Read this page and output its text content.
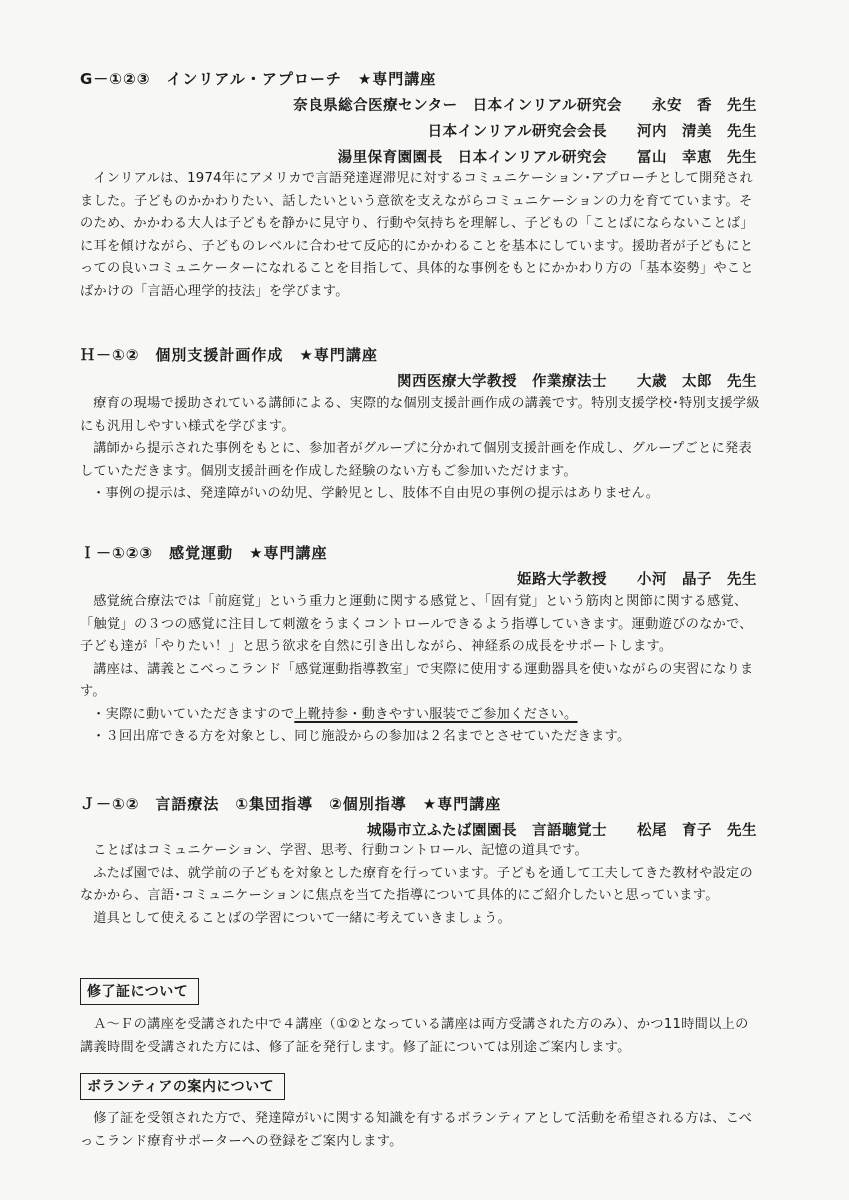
G－①②③　インリアル・アプローチ　★専門講座
奈良県総合医療センター　日本インリアル研究会　　永安　香　先生
日本インリアル研究会会長　　河内　清美　先生
湯里保育園園長　日本インリアル研究会　　冨山　幸恵　先生

インリアルは、1974年にアメリカで言語発達遅滞児に対するコミュニケーション･アプローチとして開発されました。子どものかかわりたい、話したいという意欲を支えながらコミュニケーションの力を育てています。そのため、かかわる大人は子どもを静かに見守り、行動や気持ちを理解し、子どもの「ことばにならないことば」に耳を傾けながら、子どものレベルに合わせて反応的にかかわることを基本にしています。援助者が子どもにとっての良いコミュニケーターになれることを目指して、具体的な事例をもとにかかわり方の「基本姿勢」やことばかけの「言語心理学的技法」を学びます。

Ｈ－①②　個別支援計画作成　★専門講座
関西医療大学教授　作業療法士　　大歳　太郎　先生

療育の現場で援助されている講師による、実際的な個別支援計画作成の講義です。特別支援学校･特別支援学級にも汎用しやすい様式を学びます。

講師から提示された事例をもとに、参加者がグループに分かれて個別支援計画を作成し、グループごとに発表していただきます。個別支援計画を作成した経験のない方もご参加いただけます。

・事例の提示は、発達障がいの幼児、学齢児とし、肢体不自由児の事例の提示はありません。

Ｉ－①②③　感覚運動　★専門講座
姫路大学教授　　小河　晶子　先生

感覚統合療法では「前庭覚」という重力と運動に関する感覚と、「固有覚」という筋肉と関節に関する感覚、「触覚」の３つの感覚に注目して刺激をうまくコントロールできるよう指導していきます。運動遊びのなかで、子ども達が「やりたい！」と思う欲求を自然に引き出しながら、神経系の成長をサポートします。

講座は、講義とこべっこランド「感覚運動指導教室」で実際に使用する運動器具を使いながらの実習になります。

・実際に動いていただきますので上靴持参・動きやすい服装でご参加ください。

・３回出席できる方を対象とし、同じ施設からの参加は２名までとさせていただきます。

Ｊ－①②　言語療法　①集団指導　②個別指導　★専門講座
城陽市立ふたば園園長　言語聴覚士　　松尾　育子　先生

ことばはコミュニケーション、学習、思考、行動コントロール、記憶の道具です。

ふたば園では、就学前の子どもを対象とした療育を行っています。子どもを通して工夫してきた教材や設定のなかから、言語･コミュニケーションに焦点を当てた指導について具体的にご紹介したいと思っています。

道具として使えることばの学習について一緒に考えていきましょう。

修了証について

Ａ～Ｆの講座を受講された中で４講座（①②となっている講座は両方受講された方のみ）、かつ11時間以上の講義時間を受講された方には、修了証を発行します。修了証については別途ご案内します。

ボランティアの案内について

修了証を受領された方で、発達障がいに関する知識を有するボランティアとして活動を希望される方は、こべっこランド療育サポーターへの登録をご案内します。
